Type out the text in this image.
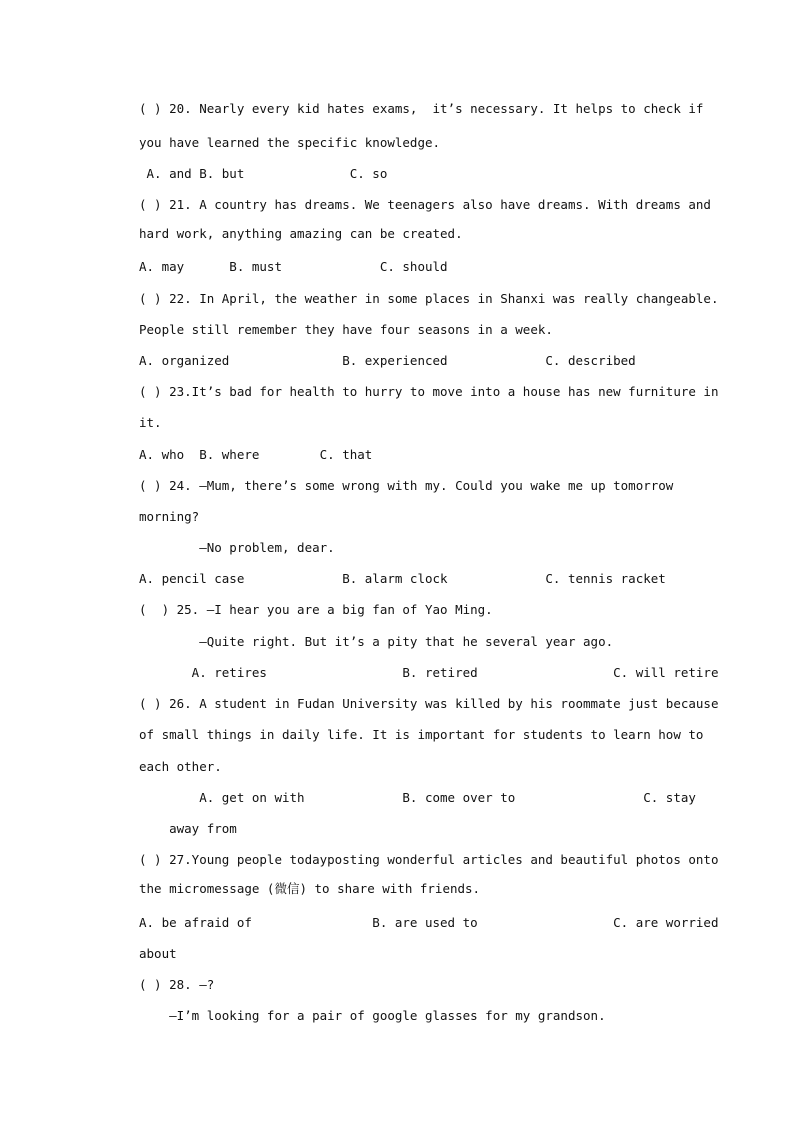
( ) 20. Nearly every kid hates exams,  it’s necessary. It helps to check if
you have learned the specific knowledge.
A. and B. but              C. so
( ) 21. A country has dreams. We teenagers also have dreams. With dreams and
hard work, anything amazing can be created.
A. may      B. must             C. should
( ) 22. In April, the weather in some places in Shanxi was really changeable.
People still remember they have four seasons in a week.
A. organized               B. experienced             C. described
( ) 23.It’s bad for health to hurry to move into a house has new furniture in
it.
A. who  B. where        C. that
( ) 24. —Mum, there’s some wrong with my. Could you wake me up tomorrow
morning?
—No problem, dear.
A. pencil case             B. alarm clock             C. tennis racket
(  ) 25. —I hear you are a big fan of Yao Ming.
—Quite right. But it’s a pity that he several year ago.
A. retires                  B. retired                  C. will retire
( ) 26. A student in Fudan University was killed by his roommate just because
of small things in daily life. It is important for students to learn how to
each other.
A. get on with             B. come over to                 C. stay
away from
( ) 27.Young people todayposting wonderful articles and beautiful photos onto
the micromessage (微信) to share with friends.
A. be afraid of                B. are used to                  C. are worried
about
( ) 28. —?
—I’m looking for a pair of google glasses for my grandson.
